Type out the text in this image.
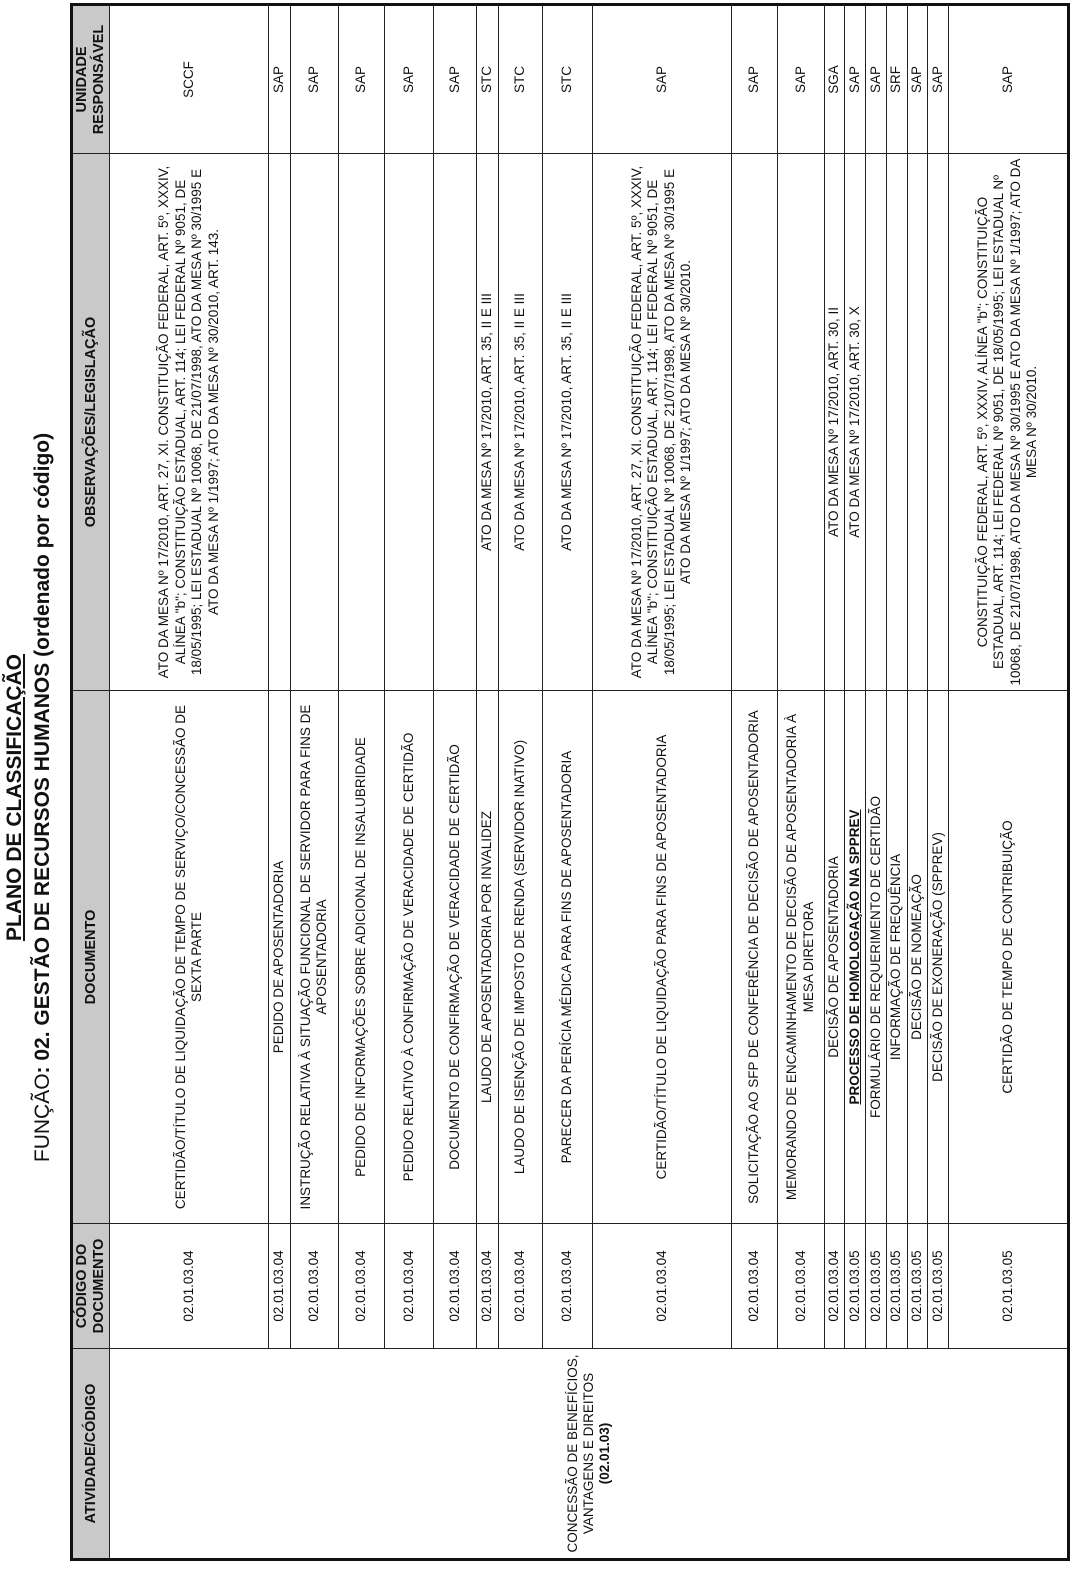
PLANO DE CLASSIFICAÇÃO
FUNÇÃO: 02. GESTÃO DE RECURSOS HUMANOS (ordenado por código)
ATIVIDADE/CÓDIGO	CÓDIGO DO DOCUMENTO	DOCUMENTO	OBSERVAÇÕES/LEGISLAÇÃO	UNIDADE RESPONSÁVEL

CONCESSÃO DE BENEFÍCIOS, VANTAGENS E DIREITOS (02.01.03)	02.01.03.04	CERTIDÃO/TÍTULO DE LIQUIDAÇÃO DE TEMPO DE SERVIÇO/CONCESSÃO DE SEXTA PARTE	ATO DA MESA Nº 17/2010, ART. 27, XI. CONSTITUIÇÃO FEDERAL, ART. 5º, XXXIV, ALÍNEA "b"; CONSTITUIÇÃO ESTADUAL, ART. 114; LEI FEDERAL Nº 9051, DE 18/05/1995; LEI ESTADUAL Nº 10068, DE 21/07/1998, ATO DA MESA Nº 30/1995 E ATO DA MESA Nº 1/1997; ATO DA MESA Nº 30/2010, ART. 143.	SCCF
	02.01.03.04	PEDIDO DE APOSENTADORIA		SAP
	02.01.03.04	INSTRUÇÃO RELATIVA À SITUAÇÃO FUNCIONAL DE SERVIDOR PARA FINS DE APOSENTADORIA		SAP
	02.01.03.04	PEDIDO DE INFORMAÇÕES SOBRE ADICIONAL DE INSALUBRIDADE		SAP
	02.01.03.04	PEDIDO RELATIVO À CONFIRMAÇÃO DE VERACIDADE DE CERTIDÃO		SAP
	02.01.03.04	DOCUMENTO DE CONFIRMAÇÃO DE VERACIDADE DE CERTIDÃO		SAP
	02.01.03.04	LAUDO DE APOSENTADORIA POR INVALIDEZ	ATO DA MESA Nº 17/2010, ART. 35, II E III	STC
	02.01.03.04	LAUDO DE ISENÇÃO DE IMPOSTO DE RENDA (SERVIDOR INATIVO)	ATO DA MESA Nº 17/2010, ART. 35, II E III	STC
	02.01.03.04	PARECER DA PERÍCIA MÉDICA PARA FINS DE APOSENTADORIA	ATO DA MESA Nº 17/2010, ART. 35, II E III	STC
	02.01.03.04	CERTIDÃO/TÍTULO DE LIQUIDAÇÃO PARA FINS DE APOSENTADORIA	ATO DA MESA Nº 17/2010, ART. 27, XI. CONSTITUIÇÃO FEDERAL, ART. 5º, XXXIV, ALÍNEA "b"; CONSTITUIÇÃO ESTADUAL, ART. 114; LEI FEDERAL Nº 9051, DE 18/05/1995; LEI ESTADUAL Nº 10068, DE 21/07/1998, ATO DA MESA Nº 30/1995 E ATO DA MESA Nº 1/1997; ATO DA MESA Nº 30/2010.	SAP
	02.01.03.04	SOLICITAÇÃO AO SFP DE CONFERÊNCIA DE DECISÃO DE APOSENTADORIA		SAP
	02.01.03.04	MEMORANDO DE ENCAMINHAMENTO DE DECISÃO DE APOSENTADORIA À MESA DIRETORA		SAP
	02.01.03.04	DECISÃO DE APOSENTADORIA	ATO DA MESA Nº 17/2010, ART. 30, II	SGA
	02.01.03.05	PROCESSO DE HOMOLOGAÇÃO NA SPPREV	ATO DA MESA Nº 17/2010, ART. 30, X	SAP
	02.01.03.05	FORMULÁRIO DE REQUERIMENTO DE CERTIDÃO		SAP
	02.01.03.05	INFORMAÇÃO DE FREQUÊNCIA		SRF
	02.01.03.05	DECISÃO DE NOMEAÇÃO		SAP
	02.01.03.05	DECISÃO DE EXONERAÇÃO (SPPREV)		SAP
	02.01.03.05	CERTIDÃO DE TEMPO DE CONTRIBUIÇÃO	CONSTITUIÇÃO FEDERAL, ART. 5º, XXXIV, ALÍNEA "b"; CONSTITUIÇÃO ESTADUAL, ART. 114; LEI FEDERAL Nº 9051, DE 18/05/1995; LEI ESTADUAL Nº 10068, DE 21/07/1998, ATO DA MESA Nº 30/1995 E ATO DA MESA Nº 1/1997; ATO DA MESA Nº 30/2010.	SAP
